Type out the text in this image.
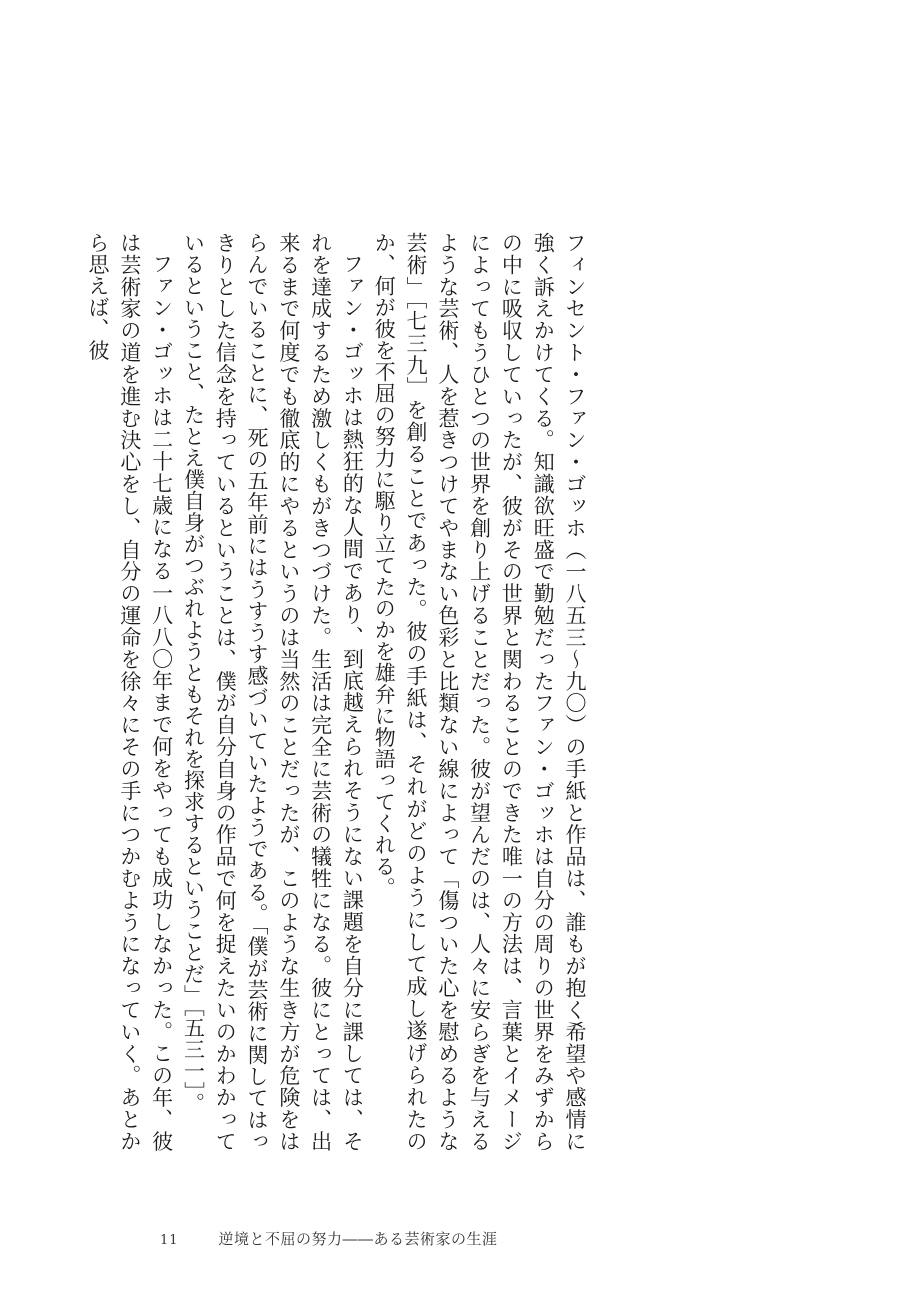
フィンセント・ファン・ゴッホ（一八五三〜九〇）の手紙と作品は、誰もが抱く希望や感情に強く訴えかけてくる。知識欲旺盛で勤勉だったファン・ゴッホは自分の周りの世界をみずからの中に吸収していったが、彼がその世界と関わることのできた唯一の方法は、言葉とイメージによってもうひとつの世界を創り上げることだった。彼が望んだのは、人々に安らぎを与えるような芸術、人を惹きつけてやまない色彩と比類ない線によって「傷ついた心を慰めるような芸術」［七三九］を創ることであった。彼の手紙は、それがどのようにして成し遂げられたのか、何が彼を不屈の努力に駆り立てたのかを雄弁に物語ってくれる。

ファン・ゴッホは熱狂的な人間であり、到底越えられそうにない課題を自分に課しては、それを達成するため激しくもがきつづけた。生活は完全に芸術の犠牲になる。彼にとっては、出来るまで何度でも徹底的にやるというのは当然のことだったが、このような生き方が危険をはらんでいることに、死の五年前にはうすうす感づいていたようである。「僕が芸術に関してはっきりとした信念を持っているということは、僕が自分自身の作品で何を捉えたいのかわかっているということ、たとえ僕自身がつぶれようともそれを探求するということだ」［五三一］。

ファン・ゴッホは二十七歳になる一八八〇年まで何をやっても成功しなかった。この年、彼は芸術家の道を進む決心をし、自分の運命を徐々にその手につかむようになっていく。あとから思えば、彼

11	逆境と不屈の努力――ある芸術家の生涯
